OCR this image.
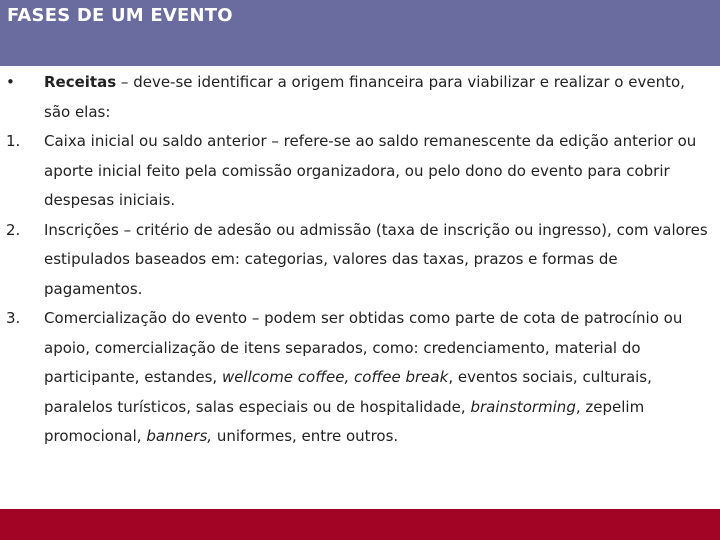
FASES DE UM EVENTO
• Receitas – deve-se identificar a origem financeira para viabilizar e realizar o evento, são elas:
1. Caixa inicial ou saldo anterior – refere-se ao saldo remanescente da edição anterior ou aporte inicial feito pela comissão organizadora, ou pelo dono do evento para cobrir despesas iniciais.
2. Inscrições – critério de adesão ou admissão (taxa de inscrição ou ingresso), com valores estipulados baseados em: categorias, valores das taxas, prazos e formas de pagamentos.
3. Comercialização do evento – podem ser obtidas como parte de cota de patrocínio ou apoio, comercialização de itens separados, como: credenciamento, material do participante, estandes, wellcome coffee, coffee break, eventos sociais, culturais, paralelos turísticos, salas especiais ou de hospitalidade, brainstorming, zepelim promocional, banners, uniformes, entre outros.
